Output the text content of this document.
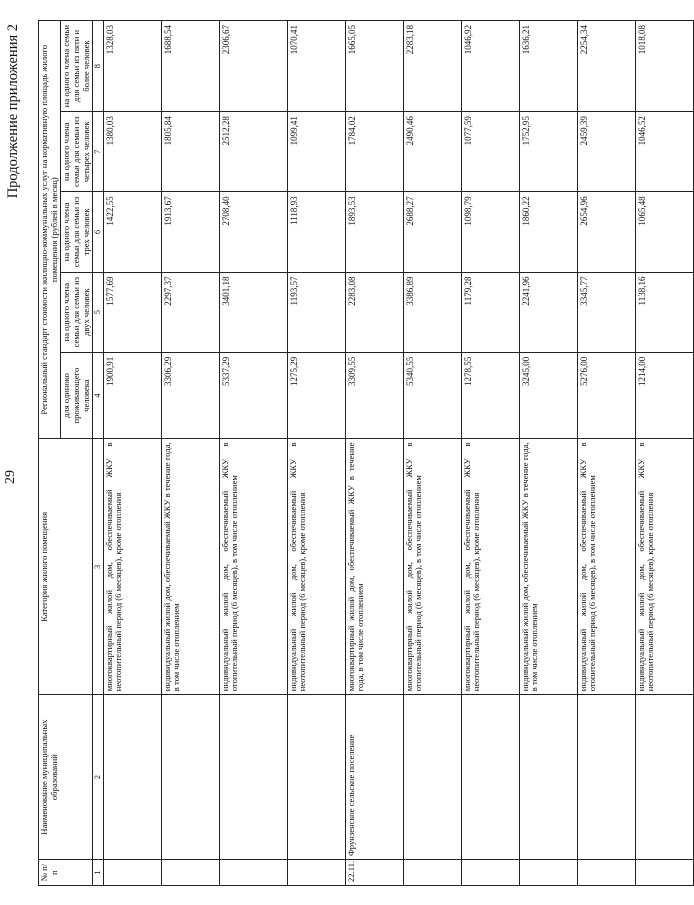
29
Продолжение приложения 2
№ п/п	Наименование муниципальных образований	Категория жилого помещения	Региональный стандарт стоимости жилищно-коммунальных услуг на нормативную площадь жилого помещения (рублей в месяц)				
			для одиноко проживающего человека	на одного члена семьи для семьи из двух человек	на одного члена семьи для семьи из трех человек	на одного члена семьи для семьи из четырех человек	на одного члена семьи для семьи из пяти и более человек
1	2	3	4	5	6	7	8
		многоквартирный жилой дом, обеспечиваемый ЖКУ в неотопительный период (6 месяцев), кроме отопления	1900,91	1577,69	1422,55	1380,03	1328,03
		индивидуальный жилой дом, обеспечиваемый ЖКУ в течение года, в том числе отоплением	3306,29	2297,37	1913,67	1805,84	1688,54
		индивидуальный жилой дом, обеспечиваемый ЖКУ в отопительный период (6 месяцев), в том числе отоплением	5337,29	3401,18	2708,40	2512,28	2306,67
		индивидуальный жилой дом, обеспечиваемый ЖКУ в неотопительный период (6 месяцев), кроме отопления	1275,29	1193,57	1118,93	1099,41	1070,41
22.11.	Фрунзенское сельское поселение	многоквартирный жилой дом, обеспечиваемый ЖКУ в течение года, в том числе отоплением	3309,55	2283,08	1893,53	1784,02	1665,05
		многоквартирный жилой дом, обеспечиваемый ЖКУ в отопительный период (6 месяцев), в том числе отоплением	5340,55	3386,89	2688,27	2490,46	2283,18
		многоквартирный жилой дом, обеспечиваемый ЖКУ в неотопительный период (6 месяцев), кроме отопления	1278,55	1179,28	1098,79	1077,59	1046,92
		индивидуальный жилой дом, обеспечиваемый ЖКУ в течение года, в том числе отоплением	3245,00	2241,96	1860,22	1752,95	1636,21
		индивидуальный жилой дом, обеспечиваемый ЖКУ в отопительный период (6 месяцев), в том числе отоплением	5276,00	3345,77	2654,96	2459,39	2254,34
		индивидуальный жилой дом, обеспечиваемый ЖКУ в неотопительный период (6 месяцев), кроме отопления	1214,00	1138,16	1065,48	1046,52	1018,08
